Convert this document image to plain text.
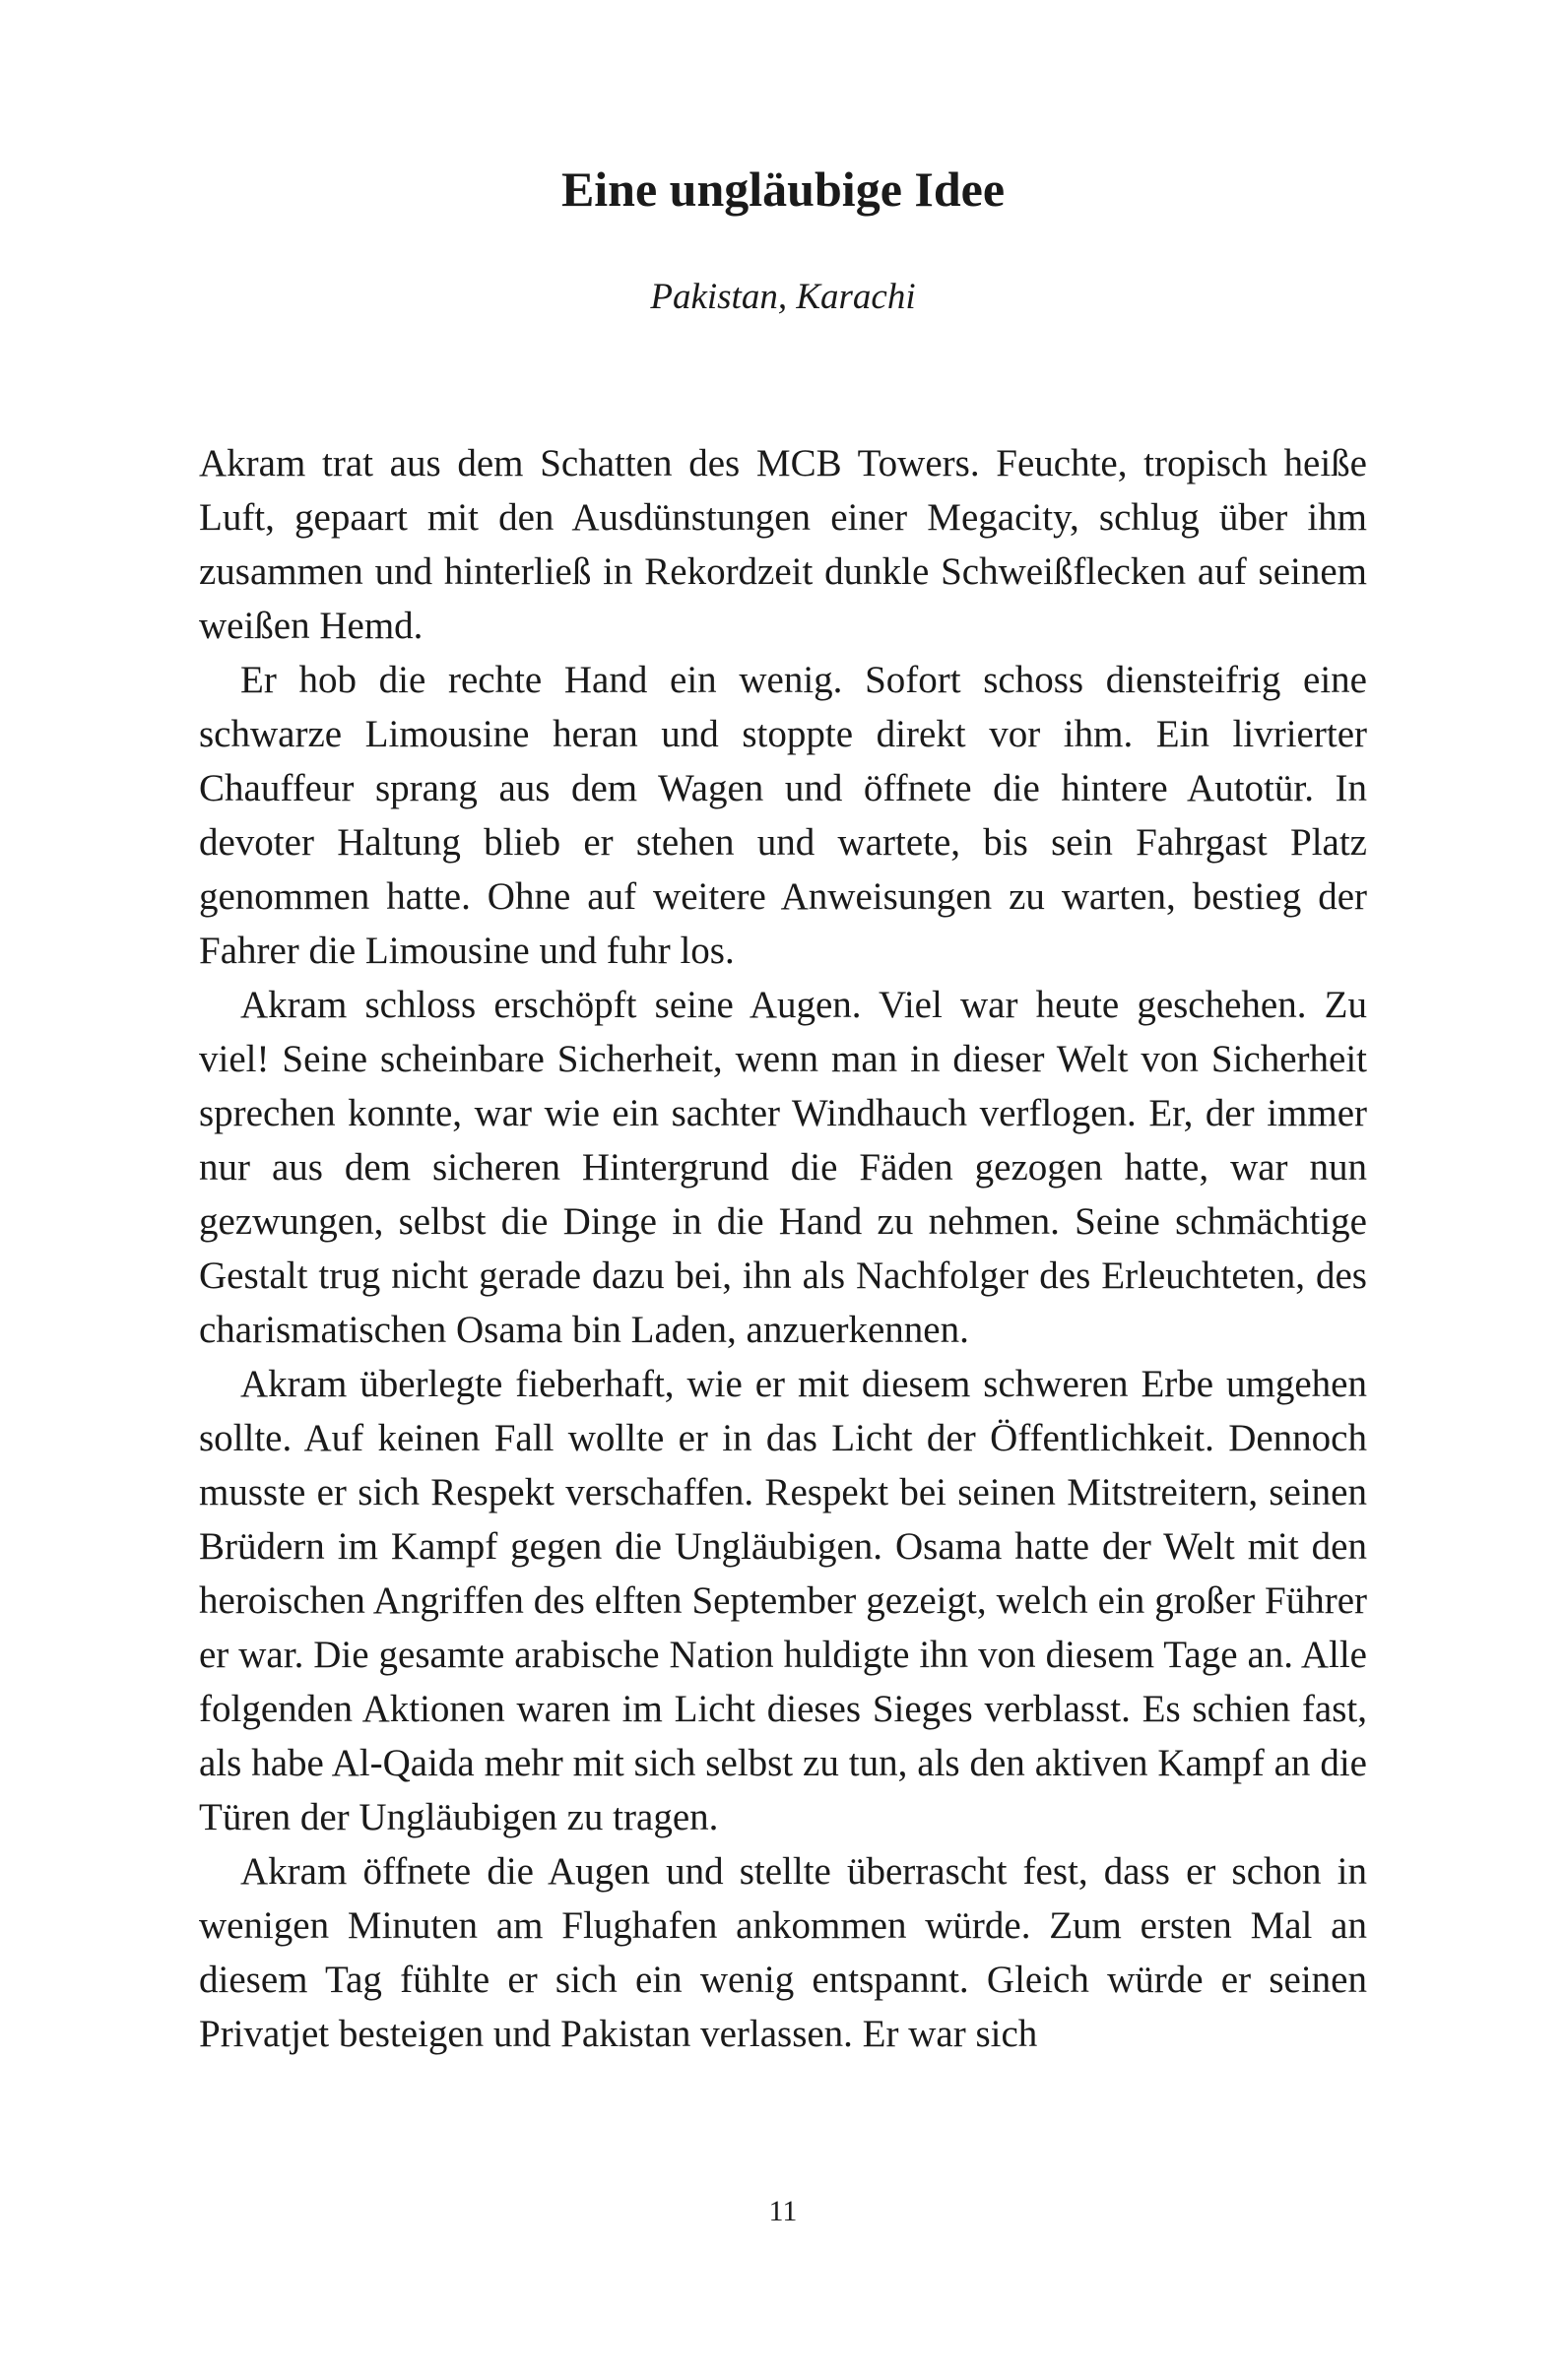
Eine ungläubige Idee
Pakistan, Karachi

Akram trat aus dem Schatten des MCB Towers. Feuchte, tropisch heiße Luft, gepaart mit den Ausdünstungen einer Megacity, schlug über ihm zusammen und hinterließ in Rekordzeit dunkle Schweißflecken auf seinem weißen Hemd.

Er hob die rechte Hand ein wenig. Sofort schoss diensteifrig eine schwarze Limousine heran und stoppte direkt vor ihm. Ein livrierter Chauffeur sprang aus dem Wagen und öffnete die hintere Autotür. In devoter Haltung blieb er stehen und wartete, bis sein Fahrgast Platz genommen hatte. Ohne auf weitere Anweisungen zu warten, bestieg der Fahrer die Limousine und fuhr los.

Akram schloss erschöpft seine Augen. Viel war heute geschehen. Zu viel! Seine scheinbare Sicherheit, wenn man in dieser Welt von Sicherheit sprechen konnte, war wie ein sachter Windhauch verflogen. Er, der immer nur aus dem sicheren Hintergrund die Fäden gezogen hatte, war nun gezwungen, selbst die Dinge in die Hand zu nehmen. Seine schmächtige Gestalt trug nicht gerade dazu bei, ihn als Nachfolger des Erleuchteten, des charismatischen Osama bin Laden, anzuerkennen.

Akram überlegte fieberhaft, wie er mit diesem schweren Erbe umgehen sollte. Auf keinen Fall wollte er in das Licht der Öffentlichkeit. Dennoch musste er sich Respekt verschaffen. Respekt bei seinen Mitstreitern, seinen Brüdern im Kampf gegen die Ungläubigen. Osama hatte der Welt mit den heroischen Angriffen des elften September gezeigt, welch ein großer Führer er war. Die gesamte arabische Nation huldigte ihn von diesem Tage an. Alle folgenden Aktionen waren im Licht dieses Sieges verblasst. Es schien fast, als habe Al-Qaida mehr mit sich selbst zu tun, als den aktiven Kampf an die Türen der Ungläubigen zu tragen.

Akram öffnete die Augen und stellte überrascht fest, dass er schon in wenigen Minuten am Flughafen ankommen würde. Zum ersten Mal an diesem Tag fühlte er sich ein wenig entspannt. Gleich würde er seinen Privatjet besteigen und Pakistan verlassen. Er war sich

11
